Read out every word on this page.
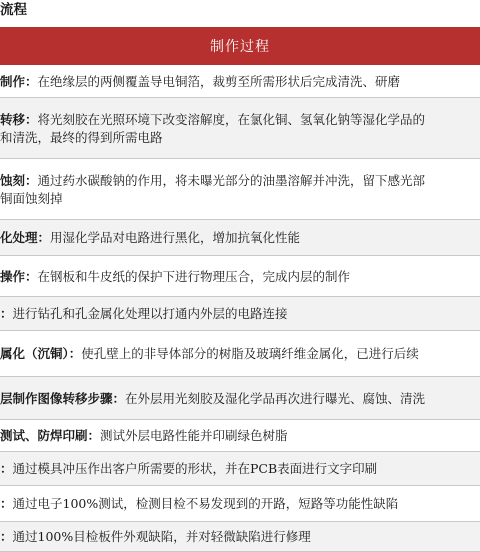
流程
制作过程
制作：在绝缘层的两侧覆盖导电铜箔，裁剪至所需形状后完成清洗、研磨
转移：将光刻胶在光照环境下改变溶解度，在氯化铜、氢氧化钠等湿化学品的
和清洗，最终的得到所需电路
蚀刻：通过药水碳酸钠的作用，将未曝光部分的油墨溶解并冲洗，留下感光部
铜面蚀刻掉
化处理：用湿化学品对电路进行黑化，增加抗氧化性能
操作：在钢板和牛皮纸的保护下进行物理压合，完成内层的制作
：进行钻孔和孔金属化处理以打通内外层的电路连接
属化（沉铜）：使孔壁上的非导体部分的树脂及玻璃纤维金属化，已进行后续
层制作图像转移步骤：在外层用光刻胶及湿化学品再次进行曝光、腐蚀、清洗
测试、防焊印刷：测试外层电路性能并印刷绿色树脂
：通过模具冲压作出客户所需要的形状，并在PCB表面进行文字印刷
：通过电子100%测试，检测目检不易发现到的开路，短路等功能性缺陷
：通过100%目检板件外观缺陷，并对轻微缺陷进行修理
